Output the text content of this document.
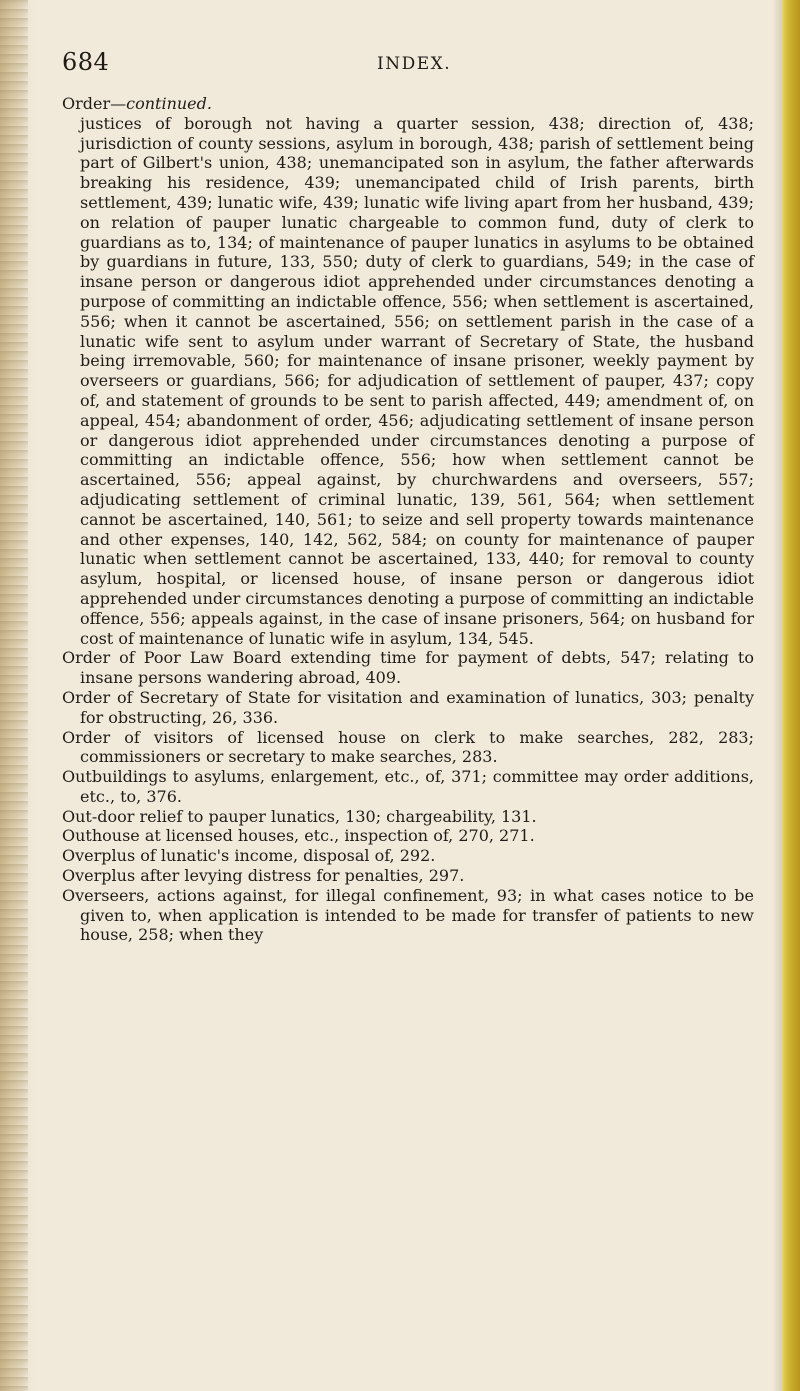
684	INDEX.

Order—continued.
justices of borough not having a quarter session, 438; direction of, 438; jurisdiction of county sessions, asylum in borough, 438; parish of settlement being part of Gilbert's union, 438; unemancipated son in asylum, the father afterwards breaking his residence, 439; unemancipated child of Irish parents, birth settlement, 439; lunatic wife, 439; lunatic wife living apart from her husband, 439; on relation of pauper lunatic chargeable to common fund, duty of clerk to guardians as to, 134; of maintenance of pauper lunatics in asylums to be obtained by guardians in future, 133, 550; duty of clerk to guardians, 549; in the case of insane person or dangerous idiot apprehended under circumstances denoting a purpose of committing an indictable offence, 556; when settlement is ascertained, 556; when it cannot be ascertained, 556; on settlement parish in the case of a lunatic wife sent to asylum under warrant of Secretary of State, the husband being irremovable, 560; for maintenance of insane prisoner, weekly payment by overseers or guardians, 566; for adjudication of settlement of pauper, 437; copy of, and statement of grounds to be sent to parish affected, 449; amendment of, on appeal, 454; abandonment of order, 456; adjudicating settlement of insane person or dangerous idiot apprehended under circumstances denoting a purpose of committing an indictable offence, 556; how when settlement cannot be ascertained, 556; appeal against, by churchwardens and overseers, 557; adjudicating settlement of criminal lunatic, 139, 561, 564; when settlement cannot be ascertained, 140, 561; to seize and sell property towards maintenance and other expenses, 140, 142, 562, 584; on county for maintenance of pauper lunatic when settlement cannot be ascertained, 133, 440; for removal to county asylum, hospital, or licensed house, of insane person or dangerous idiot apprehended under circumstances denoting a purpose of committing an indictable offence, 556; appeals against, in the case of insane prisoners, 564; on husband for cost of maintenance of lunatic wife in asylum, 134, 545.

Order of Poor Law Board extending time for payment of debts, 547; relating to insane persons wandering abroad, 409.

Order of Secretary of State for visitation and examination of lunatics, 303; penalty for obstructing, 26, 336.

Order of visitors of licensed house on clerk to make searches, 282, 283; commissioners or secretary to make searches, 283.

Outbuildings to asylums, enlargement, etc., of, 371; committee may order additions, etc., to, 376.

Out-door relief to pauper lunatics, 130; chargeability, 131.

Outhouse at licensed houses, etc., inspection of, 270, 271.

Overplus of lunatic's income, disposal of, 292.

Overplus after levying distress for penalties, 297.

Overseers, actions against, for illegal confinement, 93; in what cases notice to be given to, when application is intended to be made for transfer of patients to new house, 258; when they
